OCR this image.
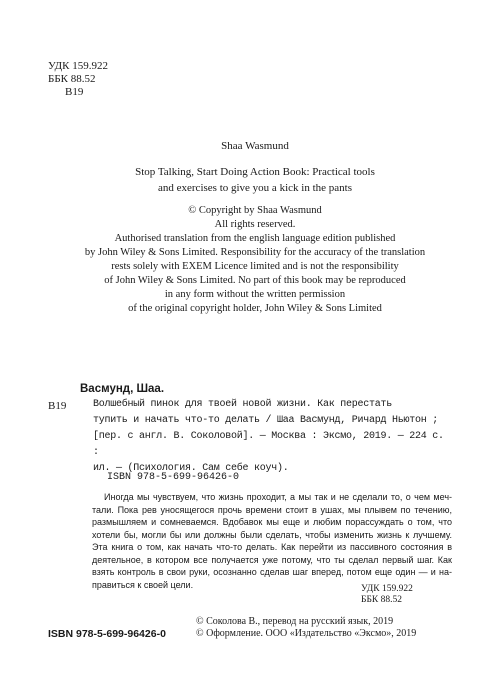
УДК 159.922
ББК 88.52
В19
Shaa Wasmund
Stop Talking, Start Doing Action Book: Practical tools
and exercises to give you a kick in the pants
© Copyright by Shaa Wasmund
All rights reserved.
Authorised translation from the english language edition published
by John Wiley & Sons Limited. Responsibility for the accuracy of the translation
rests solely with EXEM Licence limited and is not the responsibility
of John Wiley & Sons Limited. No part of this book may be reproduced
in any form without the written permission
of the original copyright holder, John Wiley & Sons Limited
Васмунд, Шаа.
В19	Волшебный пинок для твоей новой жизни. Как перестать
тупить и начать что-то делать / Шаа Васмунд, Ричард Ньютон ;
[пер. с англ. В. Соколовой]. — Москва : Эксмо, 2019. — 224 с. :
ил. — (Психология. Сам себе коуч).
ISBN 978-5-699-96426-0

Иногда мы чувствуем, что жизнь проходит, а мы так и не сделали то, о чем меч- тали. Пока рев уносящегося прочь времени стоит в ушах, мы плывем по течению, размышляем и сомневаемся. Вдобавок мы еще и любим порассуждать о том, что хотели бы, могли бы или должны были сделать, чтобы изменить жизнь к лучшему. Эта книга о том, как начать что-то делать. Как перейти из пассивного состояния в деятельное, в котором все получается уже потому, что ты сделал первый шаг. Как взять контроль в свои руки, осознанно сделав шаг вперед, потом еще один — и на- правиться к своей цели.	УДК 159.922
ББК 88.52
ISBN 978-5-699-96426-0
© Соколова В., перевод на русский язык, 2019
© Оформление. ООО «Издательство «Эксмо», 2019
